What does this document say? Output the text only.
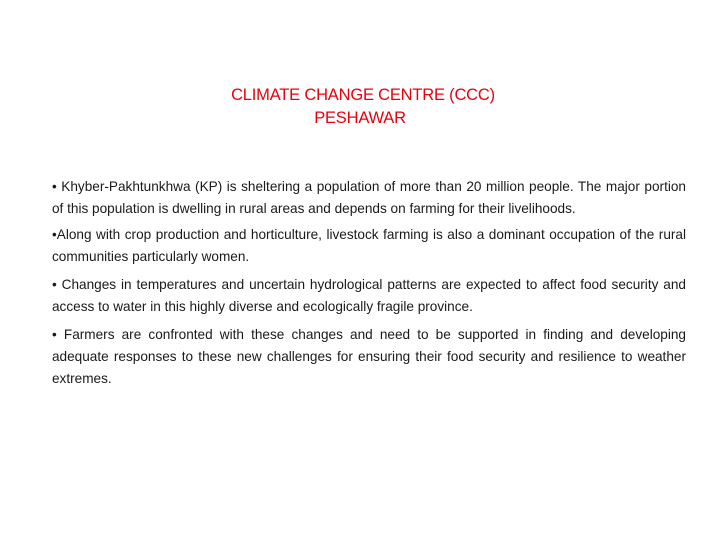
CLIMATE CHANGE CENTRE (CCC)
PESHAWAR

• Khyber-Pakhtunkhwa (KP) is sheltering a population of more than 20 million people. The major portion of this population is dwelling in rural areas and depends on farming for their livelihoods.

•Along with crop production and horticulture, livestock farming is also a dominant occupation of the rural communities particularly women.

• Changes in temperatures and uncertain hydrological patterns are expected to affect food security and access to water in this highly diverse and ecologically fragile province.

• Farmers are confronted with these changes and need to be supported in finding and developing adequate responses to these new challenges for ensuring their food security and resilience to weather extremes.
